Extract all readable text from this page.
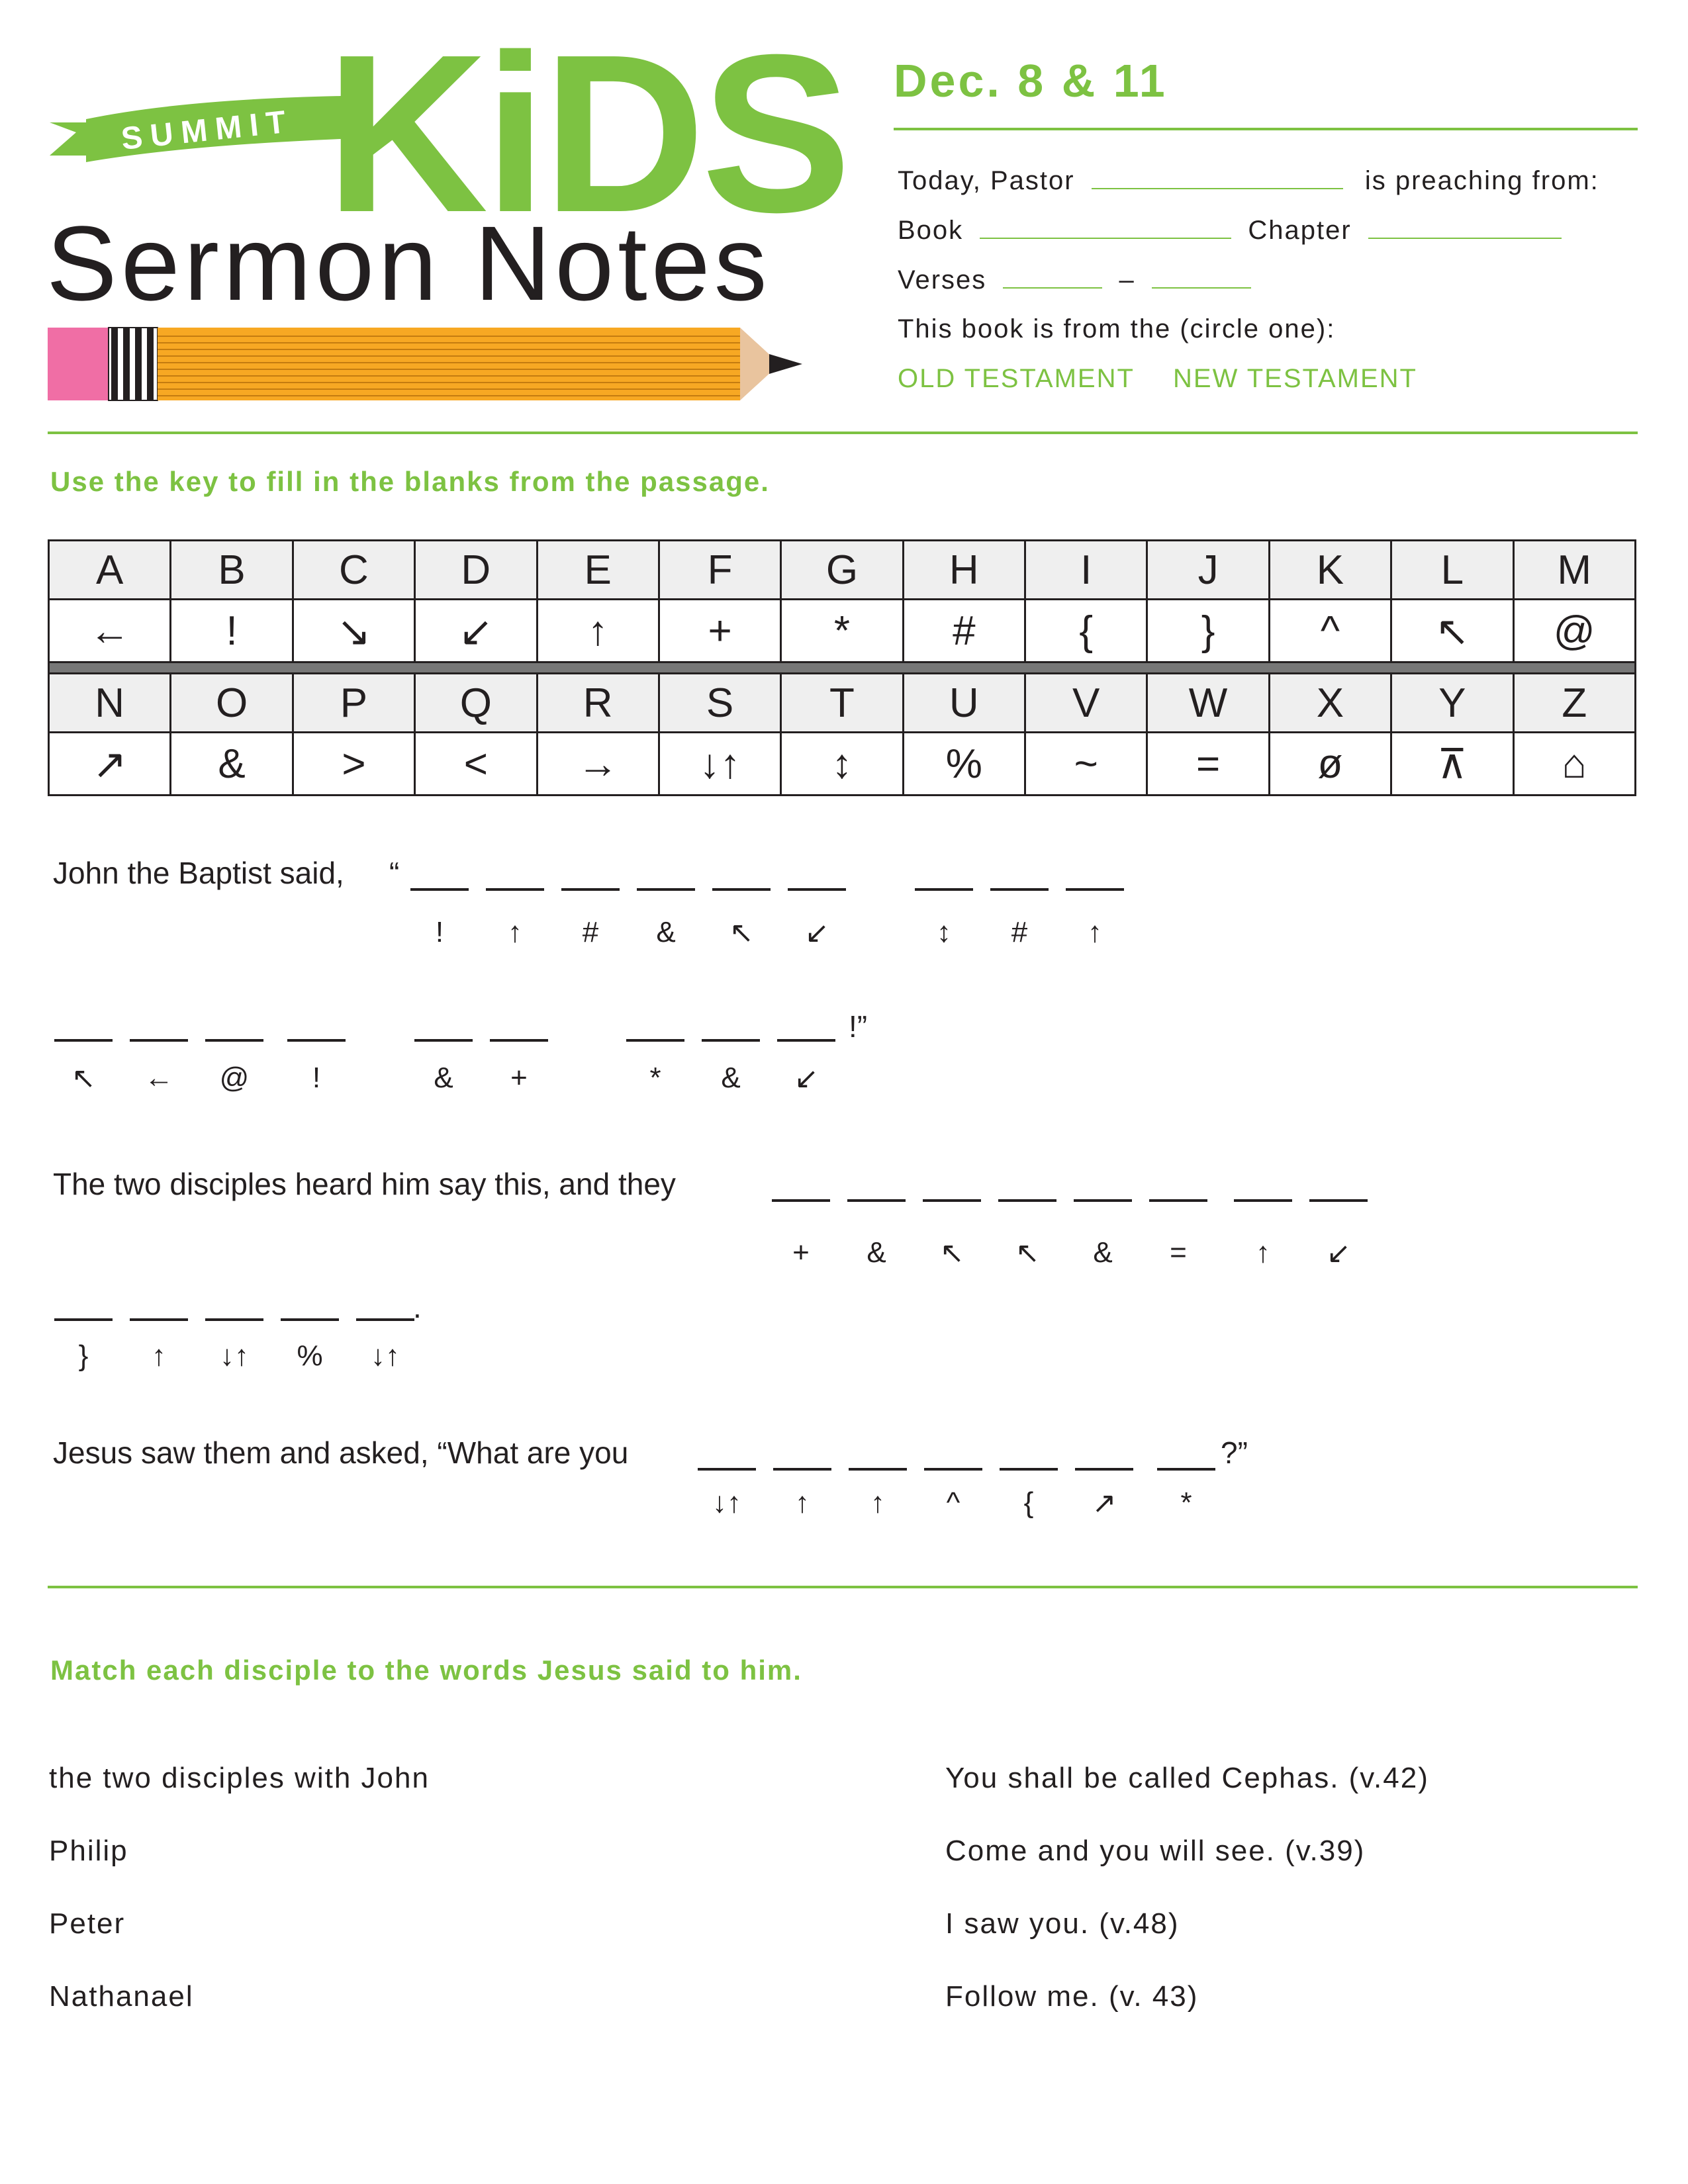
SUMMIT KiDS
Sermon Notes
Dec. 8 & 11
Today, Pastor	is preaching from:
Book	Chapter
Verses	–
This book is from the (circle one):
OLD TESTAMENT NEW TESTAMENT
Use the key to fill in the blanks from the passage.
A	B	C	D	E	F	G	H	I	J	K	L	M
←	!	↘	↙	↑	+	*	#	{	}	^	↖	@

N	O	P	Q	R	S	T	U	V	W	X	Y	Z
↗	&	>	<	→	↓↑	↕	%	~	=	ø	⊼	⌂
John the Baptist said, “
!	↑	#	&	↖	↙	↕	#	↑
!”
↖	←	@	!	&	+	*	&	↙
The two disciples heard him say this, and they
+	&	↖	↖	&	=	↑	↙
.
}	↑	↓↑	%	↓↑
Jesus saw them and asked, “What are you	?”
↓↑	↑	↑	^	{	↗	*
Match each disciple to the words Jesus said to him.
the two disciples with John
Philip
Peter
Nathanael
You shall be called Cephas. (v.42)
Come and you will see. (v.39)
I saw you. (v.48)
Follow me. (v. 43)
